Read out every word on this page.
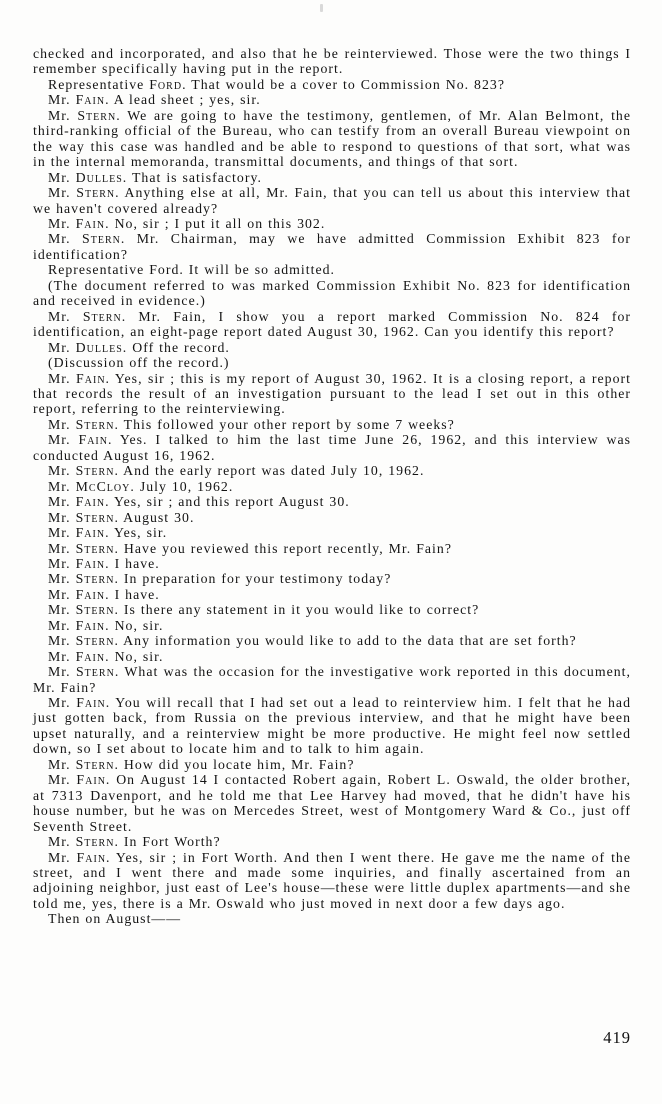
checked and incorporated, and also that he be reinterviewed. Those were the two things I remember specifically having put in the report.

Representative Ford. That would be a cover to Commission No. 823?

Mr. Fain. A lead sheet ; yes, sir.

Mr. Stern. We are going to have the testimony, gentlemen, of Mr. Alan Belmont, the third-ranking official of the Bureau, who can testify from an overall Bureau viewpoint on the way this case was handled and be able to respond to questions of that sort, what was in the internal memoranda, transmittal documents, and things of that sort.

Mr. Dulles. That is satisfactory.

Mr. Stern. Anything else at all, Mr. Fain, that you can tell us about this interview that we haven't covered already?

Mr. Fain. No, sir ; I put it all on this 302.

Mr. Stern. Mr. Chairman, may we have admitted Commission Exhibit 823 for identification?

Representative Ford. It will be so admitted.

(The document referred to was marked Commission Exhibit No. 823 for identification and received in evidence.)

Mr. Stern. Mr. Fain, I show you a report marked Commission No. 824 for identification, an eight-page report dated August 30, 1962. Can you identify this report?

Mr. Dulles. Off the record.

(Discussion off the record.)

Mr. Fain. Yes, sir ; this is my report of August 30, 1962. It is a closing report, a report that records the result of an investigation pursuant to the lead I set out in this other report, referring to the reinterviewing.

Mr. Stern. This followed your other report by some 7 weeks?

Mr. Fain. Yes. I talked to him the last time June 26, 1962, and this interview was conducted August 16, 1962.

Mr. Stern. And the early report was dated July 10, 1962.

Mr. McCloy. July 10, 1962.

Mr. Fain. Yes, sir ; and this report August 30.

Mr. Stern. August 30.

Mr. Fain. Yes, sir.

Mr. Stern. Have you reviewed this report recently, Mr. Fain?

Mr. Fain. I have.

Mr. Stern. In preparation for your testimony today?

Mr. Fain. I have.

Mr. Stern. Is there any statement in it you would like to correct?

Mr. Fain. No, sir.

Mr. Stern. Any information you would like to add to the data that are set forth?

Mr. Fain. No, sir.

Mr. Stern. What was the occasion for the investigative work reported in this document, Mr. Fain?

Mr. Fain. You will recall that I had set out a lead to reinterview him. I felt that he had just gotten back, from Russia on the previous interview, and that he might have been upset naturally, and a reinterview might be more productive. He might feel now settled down, so I set about to locate him and to talk to him again.

Mr. Stern. How did you locate him, Mr. Fain?

Mr. Fain. On August 14 I contacted Robert again, Robert L. Oswald, the older brother, at 7313 Davenport, and he told me that Lee Harvey had moved, that he didn't have his house number, but he was on Mercedes Street, west of Montgomery Ward & Co., just off Seventh Street.

Mr. Stern. In Fort Worth?

Mr. Fain. Yes, sir ; in Fort Worth. And then I went there. He gave me the name of the street, and I went there and made some inquiries, and finally ascertained from an adjoining neighbor, just east of Lee's house—these were little duplex apartments—and she told me, yes, there is a Mr. Oswald who just moved in next door a few days ago.

Then on August——

419
